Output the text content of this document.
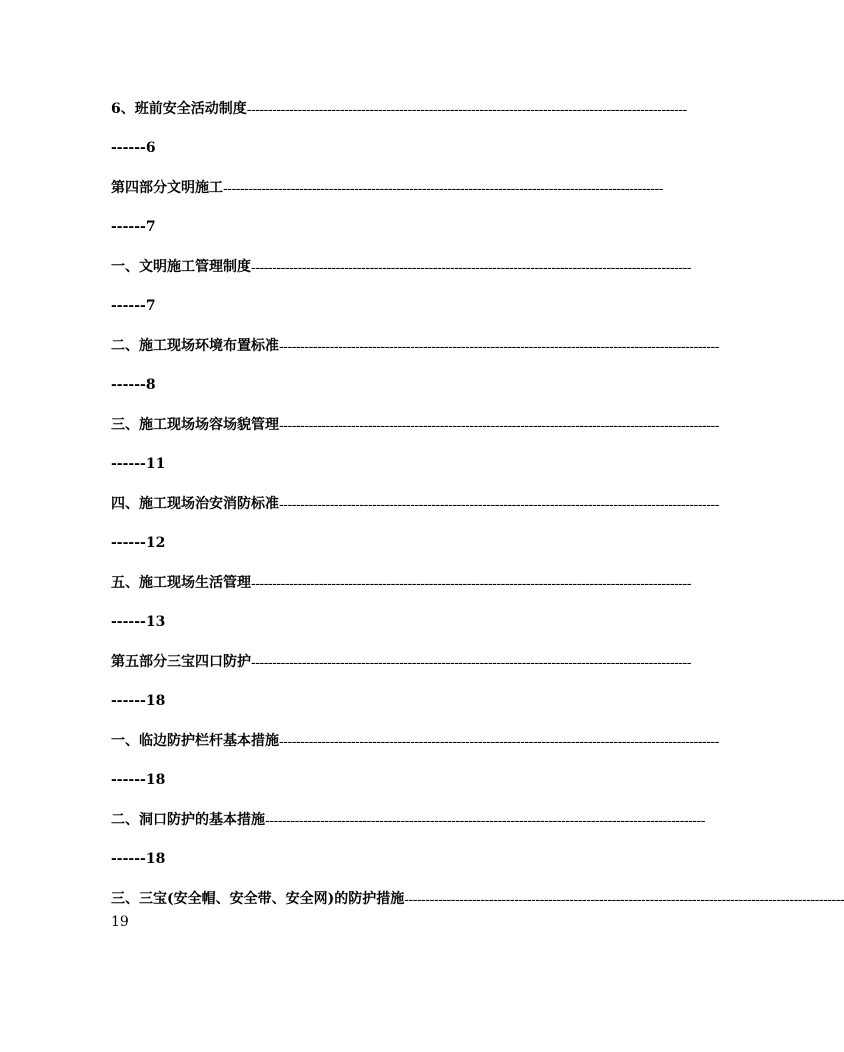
6、班前安全活动制度 --------------------------------------------------------------------------------------------------------
------6
第四部分文明施工 --------------------------------------------------------------------------------------------------------
------7
一、文明施工管理制度 --------------------------------------------------------------------------------------------------------
------7
二、施工现场环境布置标准 --------------------------------------------------------------------------------------------------------
------8
三、施工现场场容场貌管理 --------------------------------------------------------------------------------------------------------
------11
四、施工现场治安消防标准 --------------------------------------------------------------------------------------------------------
------12
五、施工现场生活管理 --------------------------------------------------------------------------------------------------------
------13
第五部分三宝四口防护 --------------------------------------------------------------------------------------------------------
------18
一、临边防护栏杆基本措施 --------------------------------------------------------------------------------------------------------
------18
二、洞口防护的基本措施 --------------------------------------------------------------------------------------------------------
------18
三、三宝(安全帽、安全带、安全网)的防护措施 --------------------------------------------------------------------------------------------------------
19
